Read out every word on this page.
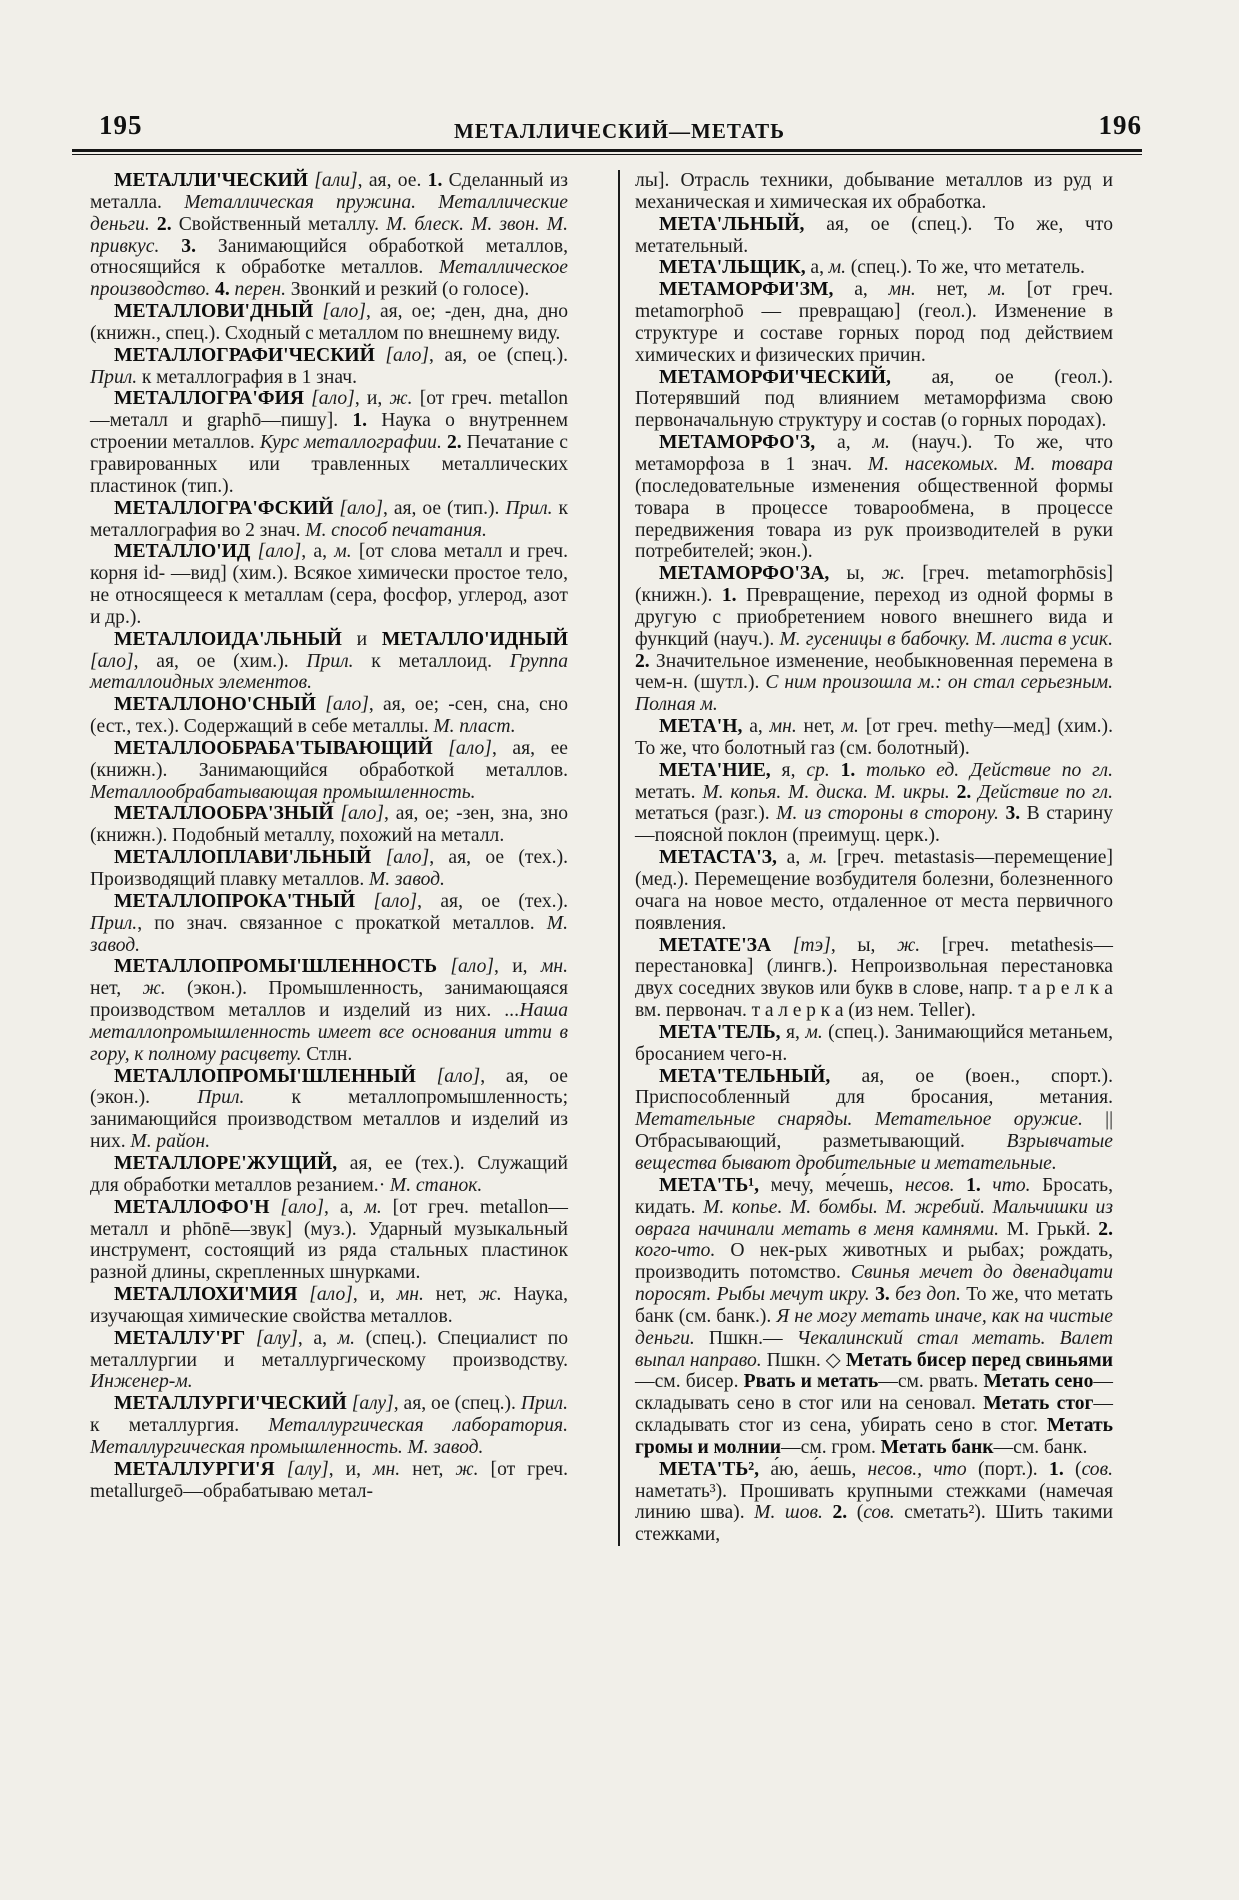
195	МЕТАЛЛИЧЕСКИЙ—МЕТАТЬ	196

МЕТАЛЛИ'ЧЕСКИЙ [али], ая, ое. 1. Сделанный из металла. Металлическая пружина. Металлические деньги. 2. Свойственный металлу. М. блеск. М. звон. М. привкус. 3. Занимающийся обработкой металлов, относящийся к обработке металлов. Металлическое производство. 4. перен. Звонкий и резкий (о голосе).

МЕТАЛЛОВИ'ДНЫЙ [ало], ая, ое; -ден, дна, дно (книжн., спец.). Сходный с металлом по внешнему виду.

МЕТАЛЛОГРАФИ'ЧЕСКИЙ [ало], ая, ое (спец.). Прил. к металлография в 1 знач.

МЕТАЛЛОГРА'ФИЯ [ало], и, ж. [от греч. metallon—металл и graphō—пишу]. 1. Наука о внутреннем строении металлов. Курс металлографии. 2. Печатание с гравированных или травленных металлических пластинок (тип.).

МЕТАЛЛОГРА'ФСКИЙ [ало], ая, ое (тип.). Прил. к металлография во 2 знач. М. способ печатания.

МЕТАЛЛО'ИД [ало], а, м. [от слова металл и греч. корня id- —вид] (хим.). Всякое химически простое тело, не относящееся к металлам (сера, фосфор, углерод, азот и др.).

МЕТАЛЛОИДА'ЛЬНЫЙ и МЕТАЛЛО'ИДНЫЙ [ало], ая, ое (хим.). Прил. к металлоид. Группа металлоидных элементов.

МЕТАЛЛОНО'СНЫЙ [ало], ая, ое; -сен, сна, сно (ест., тех.). Содержащий в себе металлы. М. пласт.

МЕТАЛЛООБРАБА'ТЫВАЮЩИЙ [ало], ая, ее (книжн.). Занимающийся обработкой металлов. Металлообрабатывающая промышленность.

МЕТАЛЛООБРА'ЗНЫЙ [ало], ая, ое; -зен, зна, зно (книжн.). Подобный металлу, похожий на металл.

МЕТАЛЛОПЛАВИ'ЛЬНЫЙ [ало], ая, ое (тех.). Производящий плавку металлов. М. завод.

МЕТАЛЛОПРОКА'ТНЫЙ [ало], ая, ое (тех.). Прил., по знач. связанное с прокаткой металлов. М. завод.

МЕТАЛЛОПРОМЫ'ШЛЕННОСТЬ [ало], и, мн. нет, ж. (экон.). Промышленность, занимающаяся производством металлов и изделий из них. ...Наша металлопромышленность имеет все основания итти в гору, к полному расцвету. Стлн.

МЕТАЛЛОПРОМЫ'ШЛЕННЫЙ [ало], ая, ое (экон.). Прил. к металлопромышленность; занимающийся производством металлов и изделий из них. М. район.

МЕТАЛЛОРЕ'ЖУЩИЙ, ая, ее (тех.). Служащий для обработки металлов резанием.· М. станок.

МЕТАЛЛОФО'Н [ало], а, м. [от греч. metallon—металл и phōnē—звук] (муз.). Ударный музыкальный инструмент, состоящий из ряда стальных пластинок разной длины, скрепленных шнурками.

МЕТАЛЛОХИ'МИЯ [ало], и, мн. нет, ж. Наука, изучающая химические свойства металлов.

МЕТАЛЛУ'РГ [алу], а, м. (спец.). Специалист по металлургии и металлургическому производству. Инженер-м.

МЕТАЛЛУРГИ'ЧЕСКИЙ [алу], ая, ое (спец.). Прил. к металлургия. Металлургическая лаборатория. Металлургическая промышленность. М. завод.

МЕТАЛЛУРГИ'Я [алу], и, мн. нет, ж. [от греч. metallurgeō—обрабатываю метал-

лы]. Отрасль техники, добывание металлов из руд и механическая и химическая их обработка.

МЕТА'ЛЬНЫЙ, ая, ое (спец.). То же, что метательный.

МЕТА'ЛЬЩИК, а, м. (спец.). То же, что метатель.

МЕТАМОРФИ'ЗМ, а, мн. нет, м. [от греч. metamorphoō — превращаю] (геол.). Изменение в структуре и составе горных пород под действием химических и физических причин.

МЕТАМОРФИ'ЧЕСКИЙ, ая, ое (геол.). Потерявший под влиянием метаморфизма свою первоначальную структуру и состав (о горных породах).

МЕТАМОРФО'З, а, м. (науч.). То же, что метаморфоза в 1 знач. М. насекомых. М. товара (последовательные изменения общественной формы товара в процессе товарообмена, в процессе передвижения товара из рук производителей в руки потребителей; экон.).

МЕТАМОРФО'ЗА, ы, ж. [греч. metamorphōsis] (книжн.). 1. Превращение, переход из одной формы в другую с приобретением нового внешнего вида и функций (науч.). М. гусеницы в бабочку. М. листа в усик. 2. Значительное изменение, необыкновенная перемена в чем-н. (шутл.). С ним произошла м.: он стал серьезным. Полная м.

МЕТА'Н, а, мн. нет, м. [от греч. methy—мед] (хим.). То же, что болотный газ (см. болотный).

МЕТА'НИЕ, я, ср. 1. только ед. Действие по гл. метать. М. копья. М. диска. М. икры. 2. Действие по гл. метаться (разг.). М. из стороны в сторону. 3. В старину—поясной поклон (преимущ. церк.).

МЕТАСТА'З, а, м. [греч. metastasis—перемещение] (мед.). Перемещение возбудителя болезни, болезненного очага на новое место, отдаленное от места первичного появления.

МЕТАТЕ'ЗА [тэ], ы, ж. [греч. metathesis—перестановка] (лингв.). Непроизвольная перестановка двух соседних звуков или букв в слове, напр. т а р е л к а вм. первонач. т а л е р к а (из нем. Teller).

МЕТА'ТЕЛЬ, я, м. (спец.). Занимающийся метаньем, бросанием чего-н.

МЕТА'ТЕЛЬНЫЙ, ая, ое (воен., спорт.). Приспособленный для бросания, метания. Метательные снаряды. Метательное оружие. || Отбрасывающий, разметывающий. Взрывчатые вещества бывают дробительные и метательные.

МЕТА'ТЬ¹, мечу́, ме́чешь, несов. 1. что. Бросать, кидать. М. копье. М. бомбы. М. жребий. Мальчишки из оврага начинали метать в меня камнями. М. Грькй. 2. кого-что. О нек-рых животных и рыбах; рождать, производить потомство. Свинья мечет до двенадцати поросят. Рыбы мечут икру. 3. без доп. То же, что метать банк (см. банк.). Я не могу метать иначе, как на чистые деньги. Пшкн.— Чекалинский стал метать. Валет выпал направо. Пшкн. ◇ Метать бисер перед свиньями—см. бисер. Рвать и метать—см. рвать. Метать сено—складывать сено в стог или на сеновал. Метать стог—складывать стог из сена, убирать сено в стог. Метать громы и молнии—см. гром. Метать банк—см. банк.

МЕТА'ТЬ², а́ю, а́ешь, несов., что (порт.). 1. (сов. наметать³). Прошивать крупными стежками (намечая линию шва). М. шов. 2. (сов. сметать²). Шить такими стежками,
